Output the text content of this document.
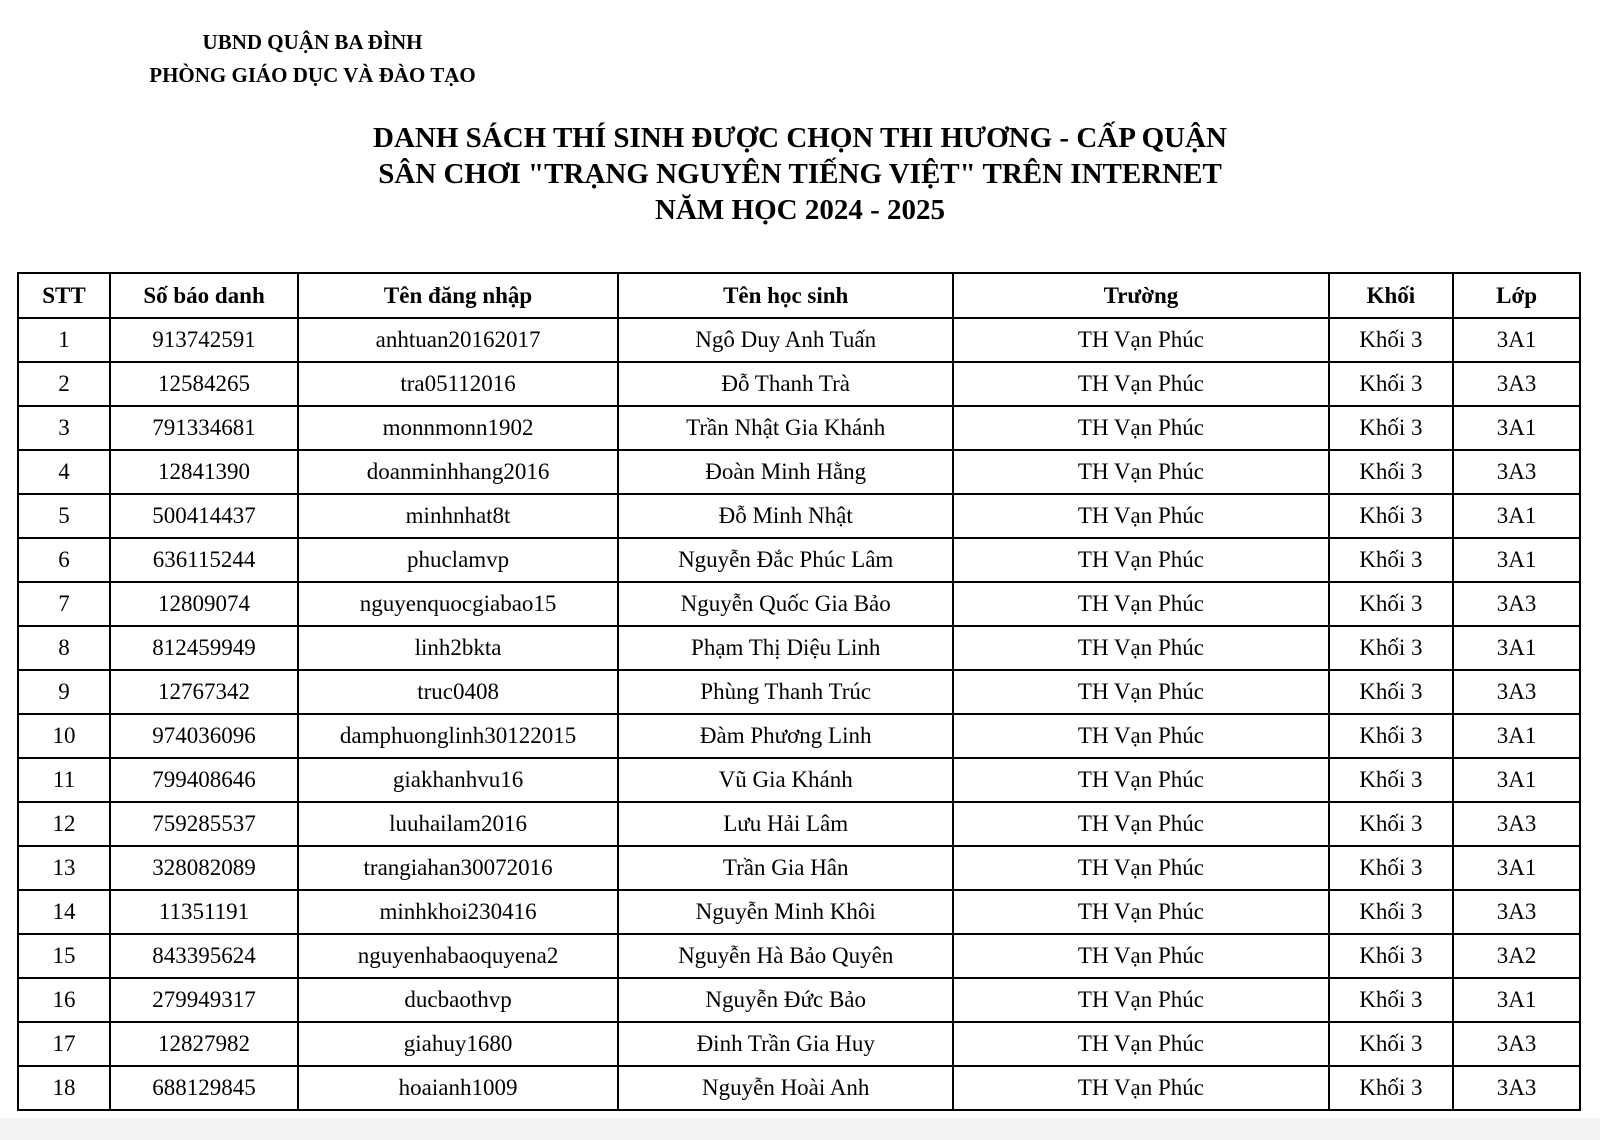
UBND QUẬN BA ĐÌNH
PHÒNG GIÁO DỤC VÀ ĐÀO TẠO
DANH SÁCH THÍ SINH ĐƯỢC CHỌN THI HƯƠNG - CẤP QUẬN
SÂN CHƠI "TRẠNG NGUYÊN TIẾNG VIỆT" TRÊN INTERNET
NĂM HỌC 2024 - 2025
STT	Số báo danh	Tên đăng nhập	Tên học sinh	Trường	Khối	Lớp
1	913742591	anhtuan20162017	Ngô Duy Anh Tuấn	TH Vạn Phúc	Khối 3	3A1
2	12584265	tra05112016	Đỗ Thanh Trà	TH Vạn Phúc	Khối 3	3A3
3	791334681	monnmonn1902	Trần Nhật Gia Khánh	TH Vạn Phúc	Khối 3	3A1
4	12841390	doanminhhang2016	Đoàn Minh Hằng	TH Vạn Phúc	Khối 3	3A3
5	500414437	minhnhat8t	Đỗ Minh Nhật	TH Vạn Phúc	Khối 3	3A1
6	636115244	phuclamvp	Nguyễn Đắc Phúc Lâm	TH Vạn Phúc	Khối 3	3A1
7	12809074	nguyenquocgiabao15	Nguyễn Quốc Gia Bảo	TH Vạn Phúc	Khối 3	3A3
8	812459949	linh2bkta	Phạm Thị Diệu Linh	TH Vạn Phúc	Khối 3	3A1
9	12767342	truc0408	Phùng Thanh Trúc	TH Vạn Phúc	Khối 3	3A3
10	974036096	damphuonglinh30122015	Đàm Phương Linh	TH Vạn Phúc	Khối 3	3A1
11	799408646	giakhanhvu16	Vũ Gia Khánh	TH Vạn Phúc	Khối 3	3A1
12	759285537	luuhailam2016	Lưu Hải Lâm	TH Vạn Phúc	Khối 3	3A3
13	328082089	trangiahan30072016	Trần Gia Hân	TH Vạn Phúc	Khối 3	3A1
14	11351191	minhkhoi230416	Nguyễn Minh Khôi	TH Vạn Phúc	Khối 3	3A3
15	843395624	nguyenhabaoquyena2	Nguyễn Hà Bảo Quyên	TH Vạn Phúc	Khối 3	3A2
16	279949317	ducbaothvp	Nguyễn Đức Bảo	TH Vạn Phúc	Khối 3	3A1
17	12827982	giahuy1680	Đinh Trần Gia Huy	TH Vạn Phúc	Khối 3	3A3
18	688129845	hoaianh1009	Nguyễn Hoài Anh	TH Vạn Phúc	Khối 3	3A3
